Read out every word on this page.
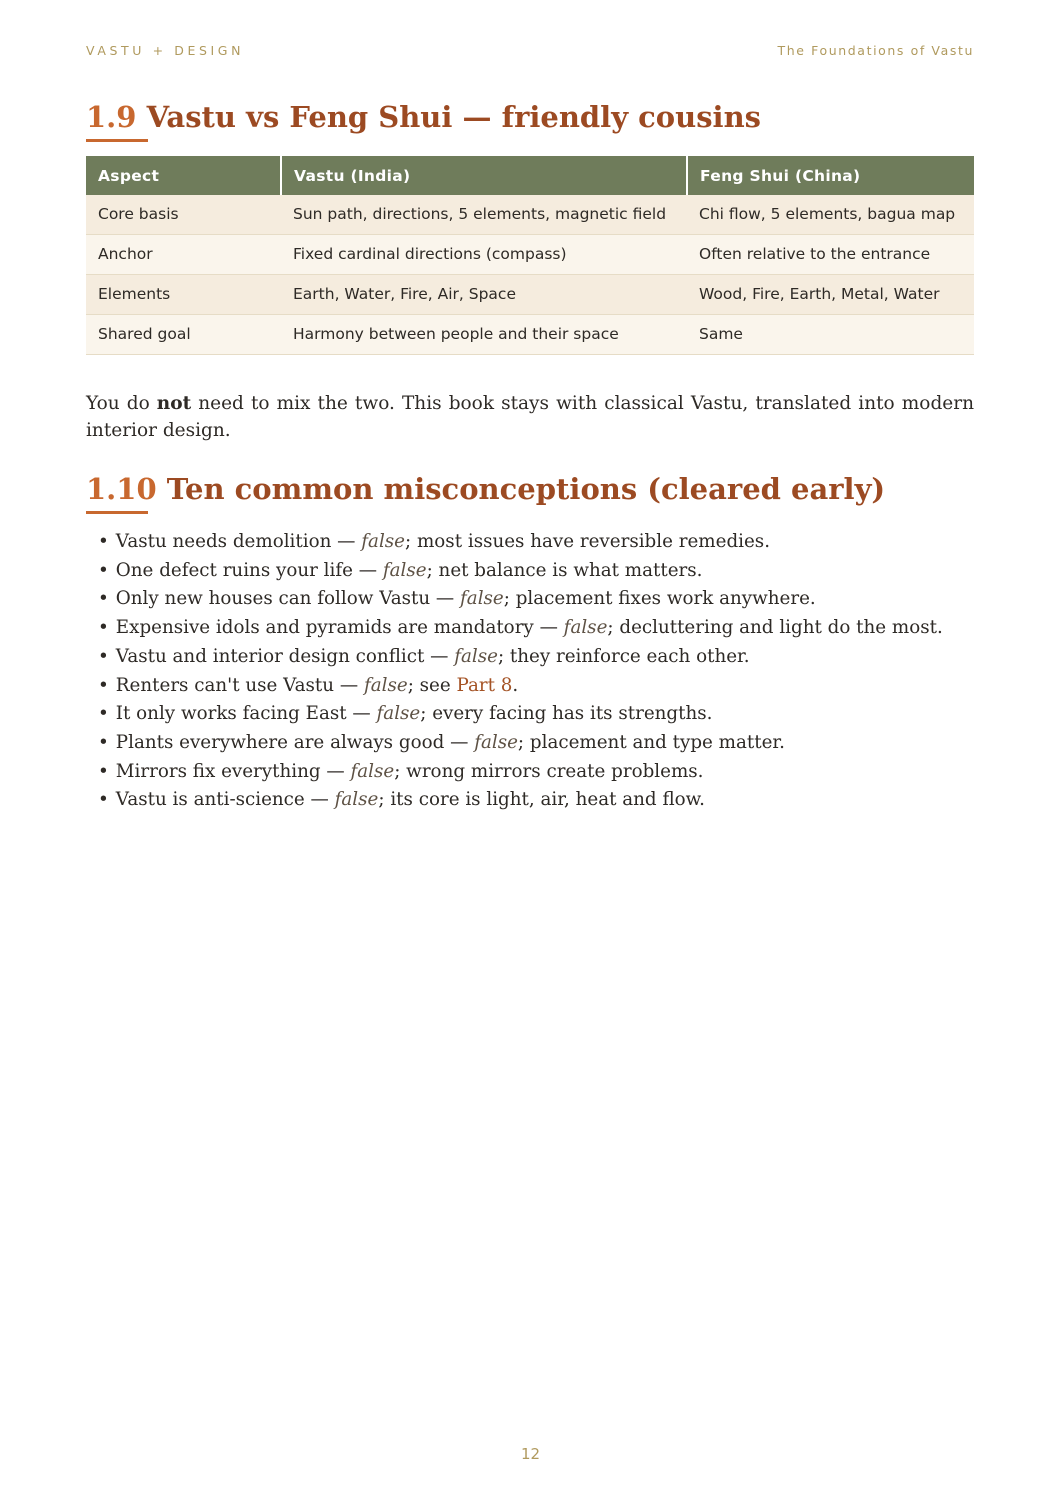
VASTU + DESIGN	The Foundations of Vastu
1.9 Vastu vs Feng Shui — friendly cousins
Aspect	Vastu (India)	Feng Shui (China)
Core basis	Sun path, directions, 5 elements, magnetic field	Chi flow, 5 elements, bagua map
Anchor	Fixed cardinal directions (compass)	Often relative to the entrance
Elements	Earth, Water, Fire, Air, Space	Wood, Fire, Earth, Metal, Water
Shared goal	Harmony between people and their space	Same

You do not need to mix the two. This book stays with classical Vastu, translated into modern interior design.

1.10 Ten common misconceptions (cleared early)
• Vastu needs demolition — false; most issues have reversible remedies.
• One defect ruins your life — false; net balance is what matters.
• Only new houses can follow Vastu — false; placement fixes work anywhere.
• Expensive idols and pyramids are mandatory — false; decluttering and light do the most.
• Vastu and interior design conflict — false; they reinforce each other.
• Renters can't use Vastu — false; see Part 8.
• It only works facing East — false; every facing has its strengths.
• Plants everywhere are always good — false; placement and type matter.
• Mirrors fix everything — false; wrong mirrors create problems.
• Vastu is anti-science — false; its core is light, air, heat and flow.
12
